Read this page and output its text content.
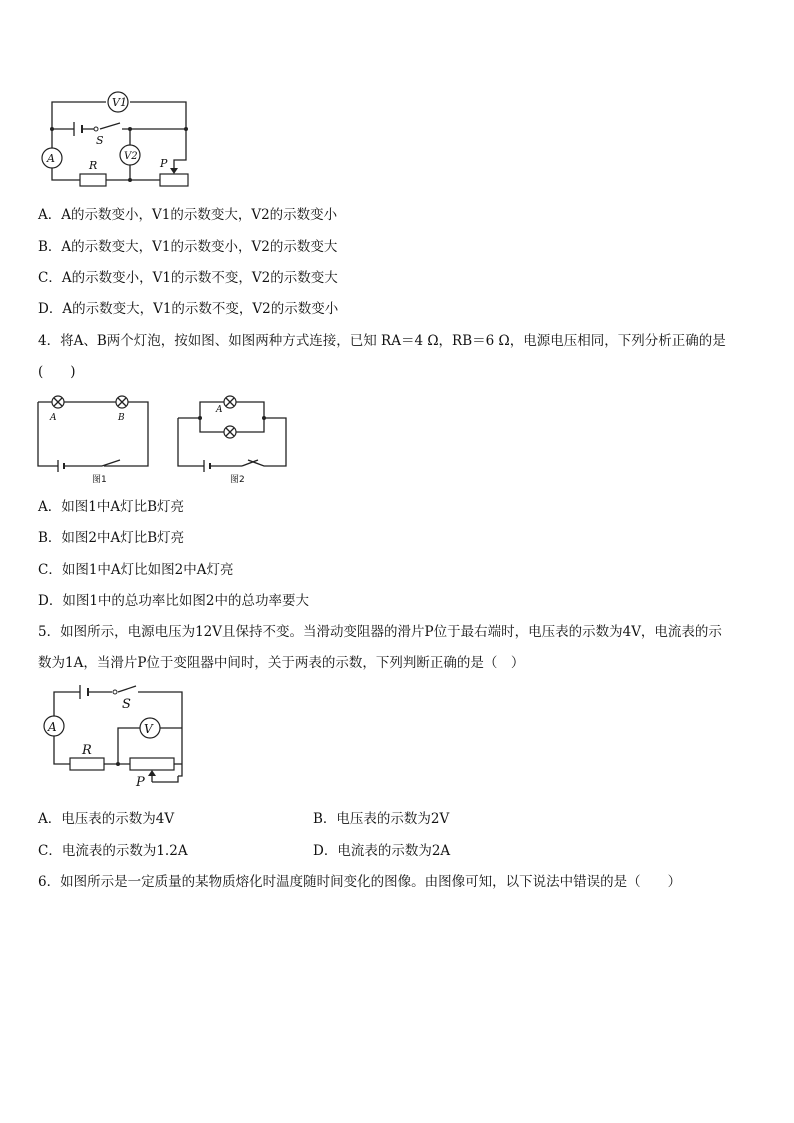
V1
S
A
R
V2
P
A．A的示数变小，V1的示数变大，V2的示数变小
B．A的示数变大，V1的示数变小，V2的示数变大
C．A的示数变小，V1的示数不变，V2的示数变大
D．A的示数变大，V1的示数不变，V2的示数变小
4．将A、B两个灯泡，按如图、如图两种方式连接，已知 RA＝4 Ω，RB＝6 Ω，电源电压相同，下列分析正确的是
(　　)
A	B
图1
A
图2
A．如图1中A灯比B灯亮
B．如图2中A灯比B灯亮
C．如图1中A灯比如图2中A灯亮
D．如图1中的总功率比如图2中的总功率要大
5．如图所示，电源电压为12V且保持不变。当滑动变阻器的滑片P位于最右端时，电压表的示数为4V，电流表的示
数为1A，当滑片P位于变阻器中间时，关于两表的示数，下列判断正确的是（　）
S
A
R
V
P
A．电压表的示数为4V	B．电压表的示数为2V
C．电流表的示数为1.2A	D．电流表的示数为2A
6．如图所示是一定质量的某物质熔化时温度随时间变化的图像。由图像可知，以下说法中错误的是（　　）
